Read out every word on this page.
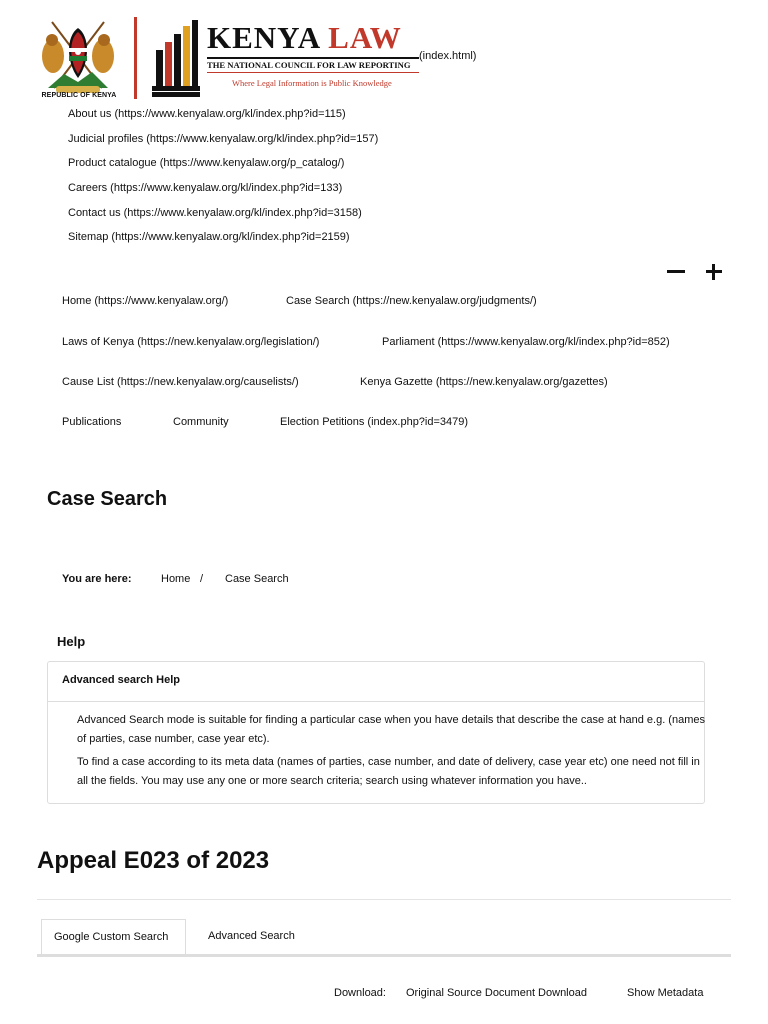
REPUBLIC OF KENYA
KENYA LAW
THE NATIONAL COUNCIL FOR LAW REPORTING
Where Legal Information is Public Knowledge
(index.html)
About us (https://www.kenyalaw.org/kl/index.php?id=115)
Judicial profiles (https://www.kenyalaw.org/kl/index.php?id=157)
Product catalogue (https://www.kenyalaw.org/p_catalog/)
Careers (https://www.kenyalaw.org/kl/index.php?id=133)
Contact us (https://www.kenyalaw.org/kl/index.php?id=3158)
Sitemap (https://www.kenyalaw.org/kl/index.php?id=2159)
Home (https://www.kenyalaw.org/)	Case Search (https://new.kenyalaw.org/judgments/)
Laws of Kenya (https://new.kenyalaw.org/legislation/)	Parliament (https://www.kenyalaw.org/kl/index.php?id=852)
Cause List (https://new.kenyalaw.org/causelists/)	Kenya Gazette (https://new.kenyalaw.org/gazettes)
Publications	Community	Election Petitions (index.php?id=3479)
Case Search
You are here:	Home / Case Search
Help
Advanced search Help
Advanced Search mode is suitable for finding a particular case when you have details that describe the case at hand e.g. (names of parties, case number, case year etc).
To find a case according to its meta data (names of parties, case number, and date of delivery, case year etc) one need not fill in all the fields. You may use any one or more search criteria; search using whatever information you have..
Appeal E023 of 2023
Google Custom Search	Advanced Search
Download: Original Source Document Download	Show Metadata
